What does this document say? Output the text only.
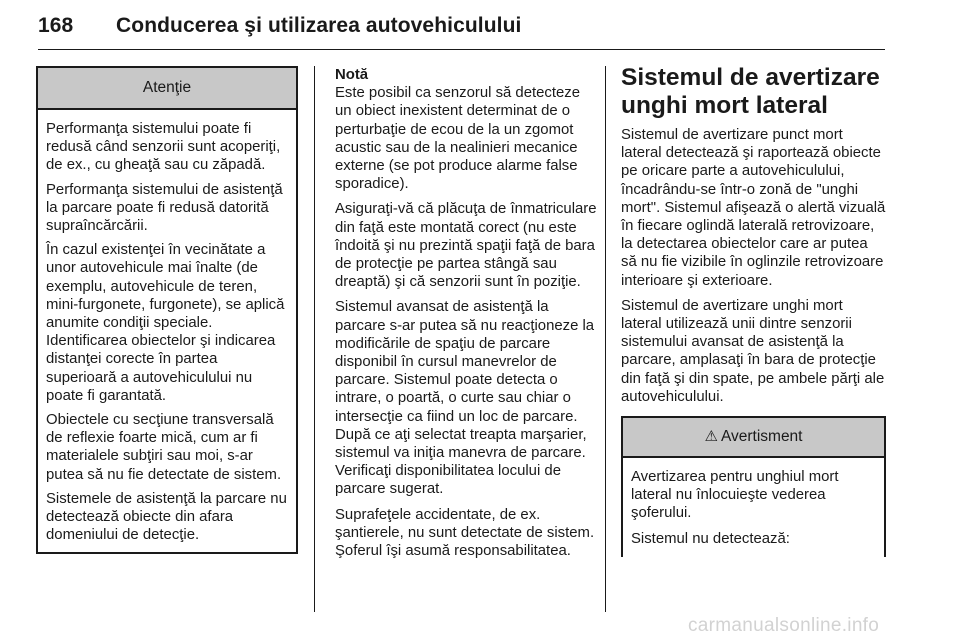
168 Conducerea şi utilizarea autovehiculului
Atenţie

Performanţa sistemului poate fi redusă când senzorii sunt acoperiţi, de ex., cu gheaţă sau cu zăpadă.

Performanţa sistemului de asistenţă la parcare poate fi redusă datorită supraîncărcării.

În cazul existenţei în vecinătate a unor autovehicule mai înalte (de exemplu, autovehicule de teren, mini-furgonete, furgonete), se aplică anumite condiţii speciale. Identificarea obiectelor şi indicarea distanţei corecte în partea superioară a autovehiculului nu poate fi garantată.

Obiectele cu secţiune transversală de reflexie foarte mică, cum ar fi materialele subţiri sau moi, s-ar putea să nu fie detectate de sistem.

Sistemele de asistenţă la parcare nu detectează obiecte din afara domeniului de detecţie.

Notă

Este posibil ca senzorul să detecteze un obiect inexistent determinat de o perturbaţie de ecou de la un zgomot acustic sau de la nealinieri mecanice externe (se pot produce alarme false sporadice).

Asiguraţi-vă că plăcuţa de înmatriculare din faţă este montată corect (nu este îndoită şi nu prezintă spaţii faţă de bara de protecţie pe partea stângă sau dreaptă) şi că senzorii sunt în poziţie.

Sistemul avansat de asistenţă la parcare s-ar putea să nu reacţioneze la modificările de spaţiu de parcare disponibil în cursul manevrelor de parcare. Sistemul poate detecta o intrare, o poartă, o curte sau chiar o intersecţie ca fiind un loc de parcare. După ce aţi selectat treapta marşarier, sistemul va iniţia manevra de parcare. Verificaţi disponibilitatea locului de parcare sugerat.

Suprafeţele accidentate, de ex. şantierele, nu sunt detectate de sistem. Şoferul îşi asumă responsabilitatea.

Sistemul de avertizare unghi mort lateral

Sistemul de avertizare punct mort lateral detectează şi raportează obiecte pe oricare parte a autovehiculului, încadrându-se într-o zonă de "unghi mort". Sistemul afişează o alertă vizuală în fiecare oglindă laterală retrovizoare, la detectarea obiectelor care ar putea să nu fie vizibile în oglinzile retrovizoare interioare şi exterioare.

Sistemul de avertizare unghi mort lateral utilizează unii dintre senzorii sistemului avansat de asistenţă la parcare, amplasaţi în bara de protecţie din faţă şi din spate, pe ambele părţi ale autovehiculului.

⚠ Avertisment

Avertizarea pentru unghiul mort lateral nu înlocuieşte vederea şoferului.

Sistemul nu detectează:

carmanualsonline.info
